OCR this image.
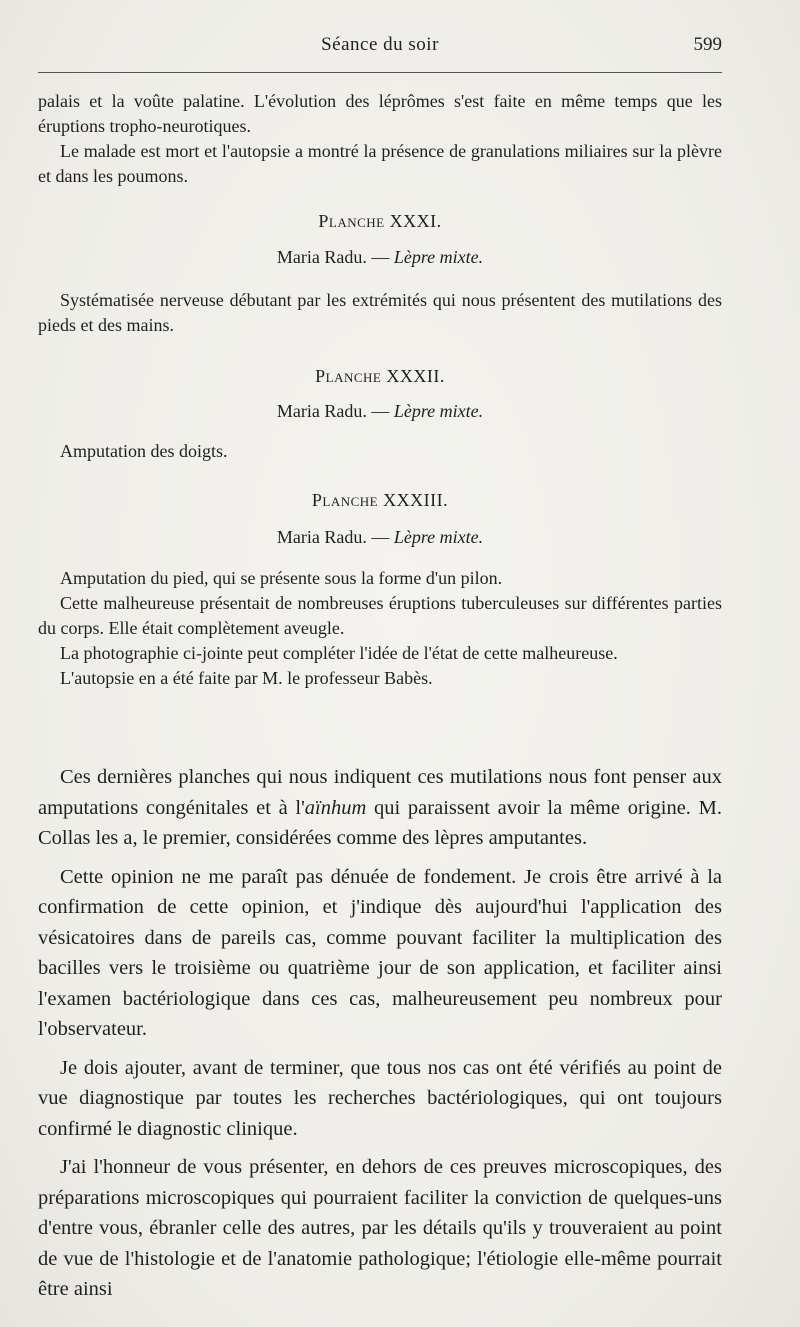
Séance du soir	599

palais et la voûte palatine. L'évolution des léprômes s'est faite en même temps que les éruptions tropho-neurotiques.

Le malade est mort et l'autopsie a montré la présence de granulations miliaires sur la plèvre et dans les poumons.

Planche XXXI.

Maria Radu. — Lèpre mixte.

Systématisée nerveuse débutant par les extrémités qui nous présentent des mutilations des pieds et des mains.

Planche XXXII.

Maria Radu. — Lèpre mixte.

Amputation des doigts.

Planche XXXIII.

Maria Radu. — Lèpre mixte.

Amputation du pied, qui se présente sous la forme d'un pilon.

Cette malheureuse présentait de nombreuses éruptions tuberculeuses sur différentes parties du corps. Elle était complètement aveugle.

La photographie ci-jointe peut compléter l'idée de l'état de cette malheureuse.

L'autopsie en a été faite par M. le professeur Babès.

Ces dernières planches qui nous indiquent ces mutilations nous font penser aux amputations congénitales et à l'aïnhum qui paraissent avoir la même origine. M. Collas les a, le premier, considérées comme des lèpres amputantes.

Cette opinion ne me paraît pas dénuée de fondement. Je crois être arrivé à la confirmation de cette opinion, et j'indique dès aujourd'hui l'application des vésicatoires dans de pareils cas, comme pouvant faciliter la multiplication des bacilles vers le troisième ou quatrième jour de son application, et faciliter ainsi l'examen bactériologique dans ces cas, malheureusement peu nombreux pour l'observateur.

Je dois ajouter, avant de terminer, que tous nos cas ont été vérifiés au point de vue diagnostique par toutes les recherches bactériologiques, qui ont toujours confirmé le diagnostic clinique.

J'ai l'honneur de vous présenter, en dehors de ces preuves microscopiques, des préparations microscopiques qui pourraient faciliter la conviction de quelques-uns d'entre vous, ébranler celle des autres, par les détails qu'ils y trouveraient au point de vue de l'histologie et de l'anatomie pathologique; l'étiologie elle-même pourrait être ainsi
